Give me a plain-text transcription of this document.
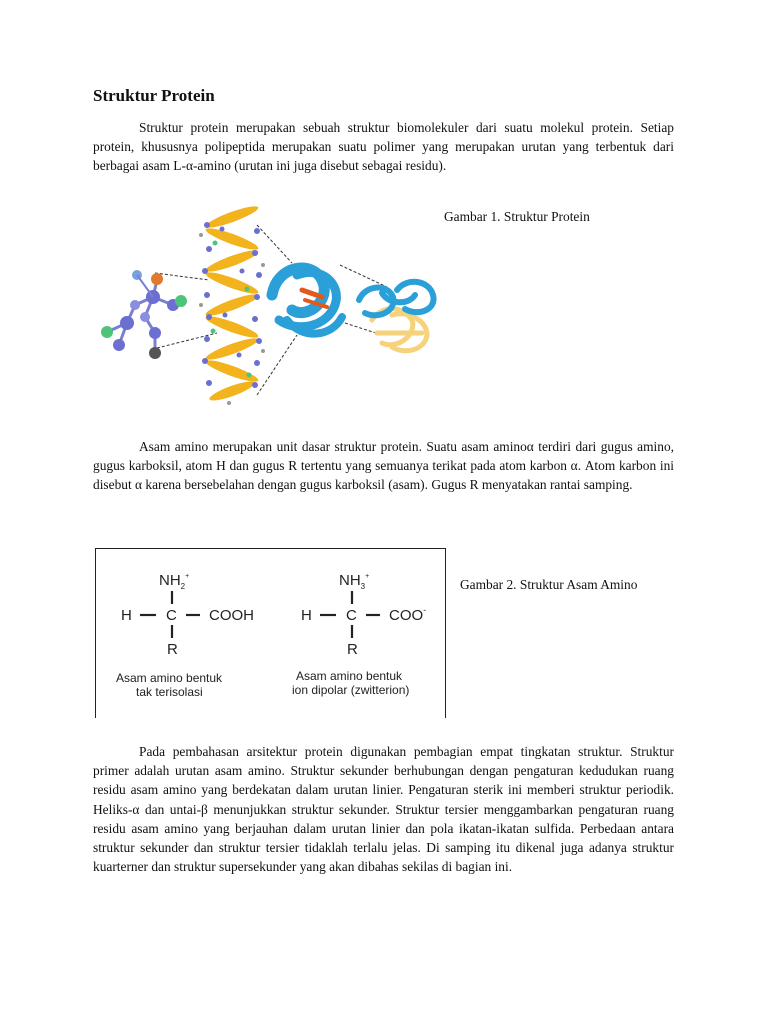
Struktur Protein

Struktur protein merupakan sebuah struktur biomolekuler dari suatu molekul protein. Setiap protein, khususnya polipeptida merupakan suatu polimer yang merupakan urutan yang terbentuk dari berbagai asam L-α-amino (urutan ini juga disebut sebagai residu).

Gambar 1. Struktur Protein

Asam amino merupakan unit dasar struktur protein. Suatu asam aminoα terdiri dari gugus amino, gugus karboksil, atom H dan gugus R tertentu yang semuanya terikat pada atom karbon α. Atom karbon ini disebut α karena bersebelahan dengan gugus karboksil (asam). Gugus R menyatakan rantai samping.

$NH_2^+$
H C COOH
R
Asam amino bentuk
tak terisolasi
$NH_3^+$
H C COO-
R
Asam amino bentuk
ion dipolar (zwitterion)

Gambar 2. Struktur Asam Amino

Pada pembahasan arsitektur protein digunakan pembagian empat tingkatan struktur. Struktur primer adalah urutan asam amino. Struktur sekunder berhubungan dengan pengaturan kedudukan ruang residu asam amino yang berdekatan dalam urutan linier. Pengaturan sterik ini memberi struktur periodik. Heliks-α dan untai-β menunjukkan struktur sekunder. Struktur tersier menggambarkan pengaturan ruang residu asam amino yang berjauhan dalam urutan linier dan pola ikatan-ikatan sulfida. Perbedaan antara struktur sekunder dan struktur tersier tidaklah terlalu jelas. Di samping itu dikenal juga adanya struktur kuarterner dan struktur supersekunder yang akan dibahas sekilas di bagian ini.
